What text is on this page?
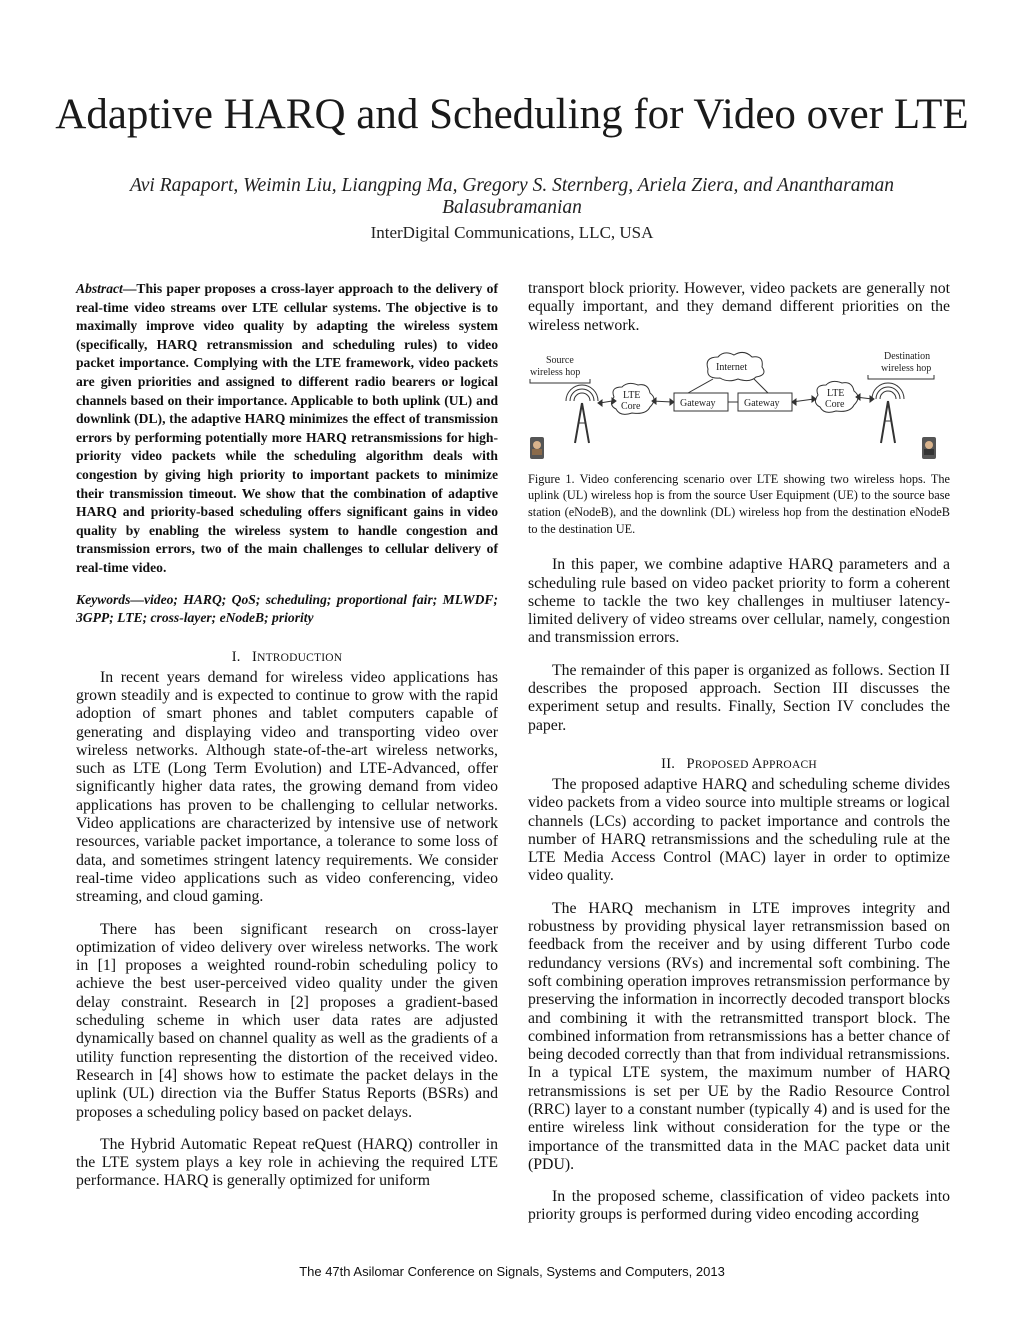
Adaptive HARQ and Scheduling for Video over LTE
Avi Rapaport, Weimin Liu, Liangping Ma, Gregory S. Sternberg, Ariela Ziera, and Anantharaman Balasubramanian
InterDigital Communications, LLC, USA

Abstract—This paper proposes a cross-layer approach to the delivery of real-time video streams over LTE cellular systems. The objective is to maximally improve video quality by adapting the wireless system (specifically, HARQ retransmission and scheduling rules) to video packet importance. Complying with the LTE framework, video packets are given priorities and assigned to different radio bearers or logical channels based on their importance. Applicable to both uplink (UL) and downlink (DL), the adaptive HARQ minimizes the effect of transmission errors by performing potentially more HARQ retransmissions for high-priority video packets while the scheduling algorithm deals with congestion by giving high priority to important packets to minimize their transmission timeout. We show that the combination of adaptive HARQ and priority-based scheduling offers significant gains in video quality by enabling the wireless system to handle congestion and transmission errors, two of the main challenges to cellular delivery of real-time video.

Keywords—video; HARQ; QoS; scheduling; proportional fair; MLWDF; 3GPP; LTE; cross-layer; eNodeB; priority

I. INTRODUCTION

In recent years demand for wireless video applications has grown steadily and is expected to continue to grow with the rapid adoption of smart phones and tablet computers capable of generating and displaying video and transporting video over wireless networks. Although state-of-the-art wireless networks, such as LTE (Long Term Evolution) and LTE-Advanced, offer significantly higher data rates, the growing demand from video applications has proven to be challenging to cellular networks. Video applications are characterized by intensive use of network resources, variable packet importance, a tolerance to some loss of data, and sometimes stringent latency requirements. We consider real-time video applications such as video conferencing, video streaming, and cloud gaming.

There has been significant research on cross-layer optimization of video delivery over wireless networks. The work in [1] proposes a weighted round-robin scheduling policy to achieve the best user-perceived video quality under the given delay constraint. Research in [2] proposes a gradient-based scheduling scheme in which user data rates are adjusted dynamically based on channel quality as well as the gradients of a utility function representing the distortion of the received video. Research in [4] shows how to estimate the packet delays in the uplink (UL) direction via the Buffer Status Reports (BSRs) and proposes a scheduling policy based on packet delays.

The Hybrid Automatic Repeat reQuest (HARQ) controller in the LTE system plays a key role in achieving the required LTE performance. HARQ is generally optimized for uniform

transport block priority. However, video packets are generally not equally important, and they demand different priorities on the wireless network.

Source
wireless hop
Destination
wireless hop
Internet
LTE
Core	Gateway	Gateway
LTE
Core

Figure 1. Video conferencing scenario over LTE showing two wireless hops. The uplink (UL) wireless hop is from the source User Equipment (UE) to the source base station (eNodeB), and the downlink (DL) wireless hop from the destination eNodeB to the destination UE.

In this paper, we combine adaptive HARQ parameters and a scheduling rule based on video packet priority to form a coherent scheme to tackle the two key challenges in multiuser latency-limited delivery of video streams over cellular, namely, congestion and transmission errors.

The remainder of this paper is organized as follows. Section II describes the proposed approach. Section III discusses the experiment setup and results. Finally, Section IV concludes the paper.

II. PROPOSED APPROACH

The proposed adaptive HARQ and scheduling scheme divides video packets from a video source into multiple streams or logical channels (LCs) according to packet importance and controls the number of HARQ retransmissions and the scheduling rule at the LTE Media Access Control (MAC) layer in order to optimize video quality.

The HARQ mechanism in LTE improves integrity and robustness by providing physical layer retransmission based on feedback from the receiver and by using different Turbo code redundancy versions (RVs) and incremental soft combining. The soft combining operation improves retransmission performance by preserving the information in incorrectly decoded transport blocks and combining it with the retransmitted transport block. The combined information from retransmissions has a better chance of being decoded correctly than that from individual retransmissions. In a typical LTE system, the maximum number of HARQ retransmissions is set per UE by the Radio Resource Control (RRC) layer to a constant number (typically 4) and is used for the entire wireless link without consideration for the type or the importance of the transmitted data in the MAC packet data unit (PDU).

In the proposed scheme, classification of video packets into priority groups is performed during video encoding according

The 47th Asilomar Conference on Signals, Systems and Computers, 2013
